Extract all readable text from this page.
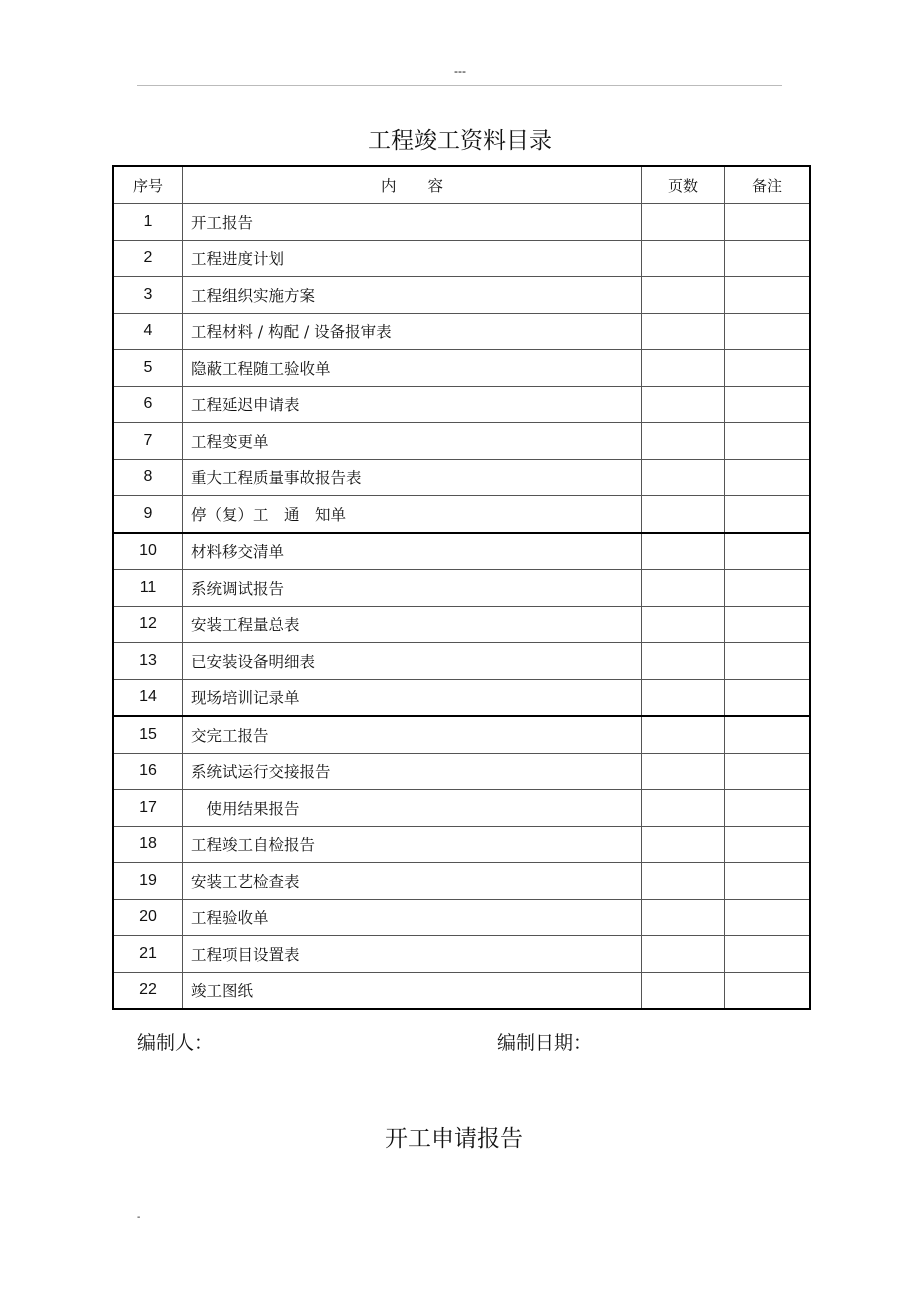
---
工程竣工资料目录
序号	内　　容	页数	备注
1	开工报告		
2	工程进度计划		
3	工程组织实施方案		
4	工程材料 / 构配 / 设备报审表		
5	隐蔽工程随工验收单		
6	工程延迟申请表		
7	工程变更单		
8	重大工程质量事故报告表		
9	停（复）工　通　知单		
10	材料移交清单		
11	系统调试报告		
12	安装工程量总表		
13	已安装设备明细表		
14	现场培训记录单		
15	交完工报告		
16	系统试运行交接报告		
17	　使用结果报告		
18	工程竣工自检报告		
19	安装工艺检查表		
20	工程验收单		
21	工程项目设置表		
22	竣工图纸		
编制人：	编制日期：
开工申请报告
-
